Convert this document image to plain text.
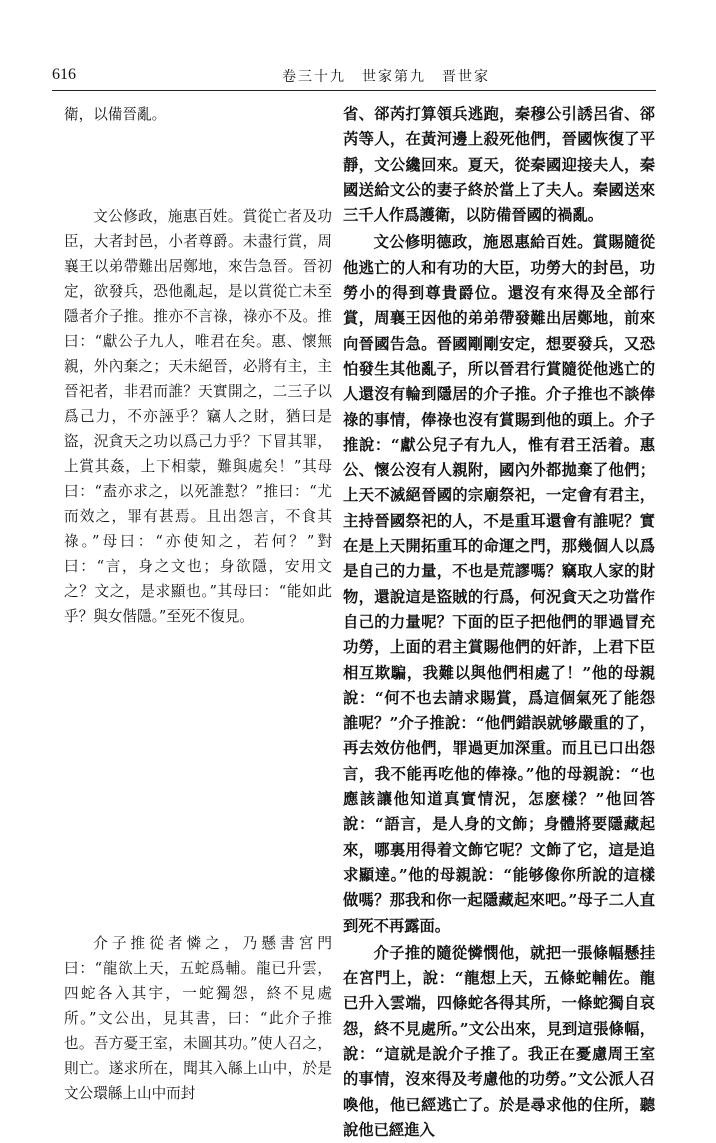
616	卷三十九　世家第九　晋世家

衛，以備晉亂。

文公修政，施惠百姓。賞從亡者及功臣，大者封邑，小者尊爵。未盡行賞，周襄王以弟帶難出居鄭地，來告急晉。晉初定，欲發兵，恐他亂起，是以賞從亡未至隱者介子推。推亦不言祿，祿亦不及。推曰：“獻公子九人，唯君在矣。惠、懷無親，外內棄之；天未絕晉，必將有主，主晉祀者，非君而誰？天實開之，二三子以爲己力，不亦誣乎？竊人之財，猶曰是盜，況貪天之功以爲己力乎？下冒其罪，上賞其姦，上下相蒙，難與處矣！”其母曰：“盍亦求之，以死誰懟？”推曰：“尤而效之，罪有甚焉。且出怨言，不食其祿。”母曰：“亦使知之，若何？”對曰：“言，身之文也；身欲隱，安用文之？文之，是求顯也。”其母曰：“能如此乎？與女偕隱。”至死不復見。

介子推從者憐之，乃懸書宮門曰：“龍欲上天，五蛇爲輔。龍已升雲，四蛇各入其宇，一蛇獨怨，終不見處所。”文公出，見其書，曰：“此介子推也。吾方憂王室，未圖其功。”使人召之，則亡。遂求所在，聞其入緜上山中，於是文公環緜上山中而封

省、郤芮打算領兵逃跑，秦穆公引誘呂省、郤芮等人，在黃河邊上殺死他們，晉國恢復了平靜，文公纔回來。夏天，從秦國迎接夫人，秦國送給文公的妻子終於當上了夫人。秦國送來三千人作爲護衛，以防備晉國的禍亂。

文公修明德政，施恩惠給百姓。賞賜隨從他逃亡的人和有功的大臣，功勞大的封邑，功勞小的得到尊貴爵位。還沒有來得及全部行賞，周襄王因他的弟弟帶發難出居鄭地，前來向晉國告急。晉國剛剛安定，想要發兵，又恐怕發生其他亂子，所以晉君行賞隨從他逃亡的人還沒有輪到隱居的介子推。介子推也不談俸祿的事情，俸祿也沒有賞賜到他的頭上。介子推說：“獻公兒子有九人，惟有君王活着。惠公、懷公沒有人親附，國內外都拋棄了他們；上天不滅絕晉國的宗廟祭祀，一定會有君主，主持晉國祭祀的人，不是重耳還會有誰呢？實在是上天開拓重耳的命運之門，那幾個人以爲是自己的力量，不也是荒謬嗎？竊取人家的財物，還說這是盜賊的行爲，何況貪天之功當作自己的力量呢？下面的臣子把他們的罪過冒充功勞，上面的君主賞賜他們的奸詐，上君下臣相互欺騙，我難以與他們相處了！”他的母親說：“何不也去請求賜賞，爲這個氣死了能怨誰呢？”介子推說：“他們錯誤就够嚴重的了，再去效仿他們，罪過更加深重。而且已口出怨言，我不能再吃他的俸祿。”他的母親說：“也應該讓他知道真實情況，怎麽樣？”他回答說：“語言，是人身的文飾；身體將要隱藏起來，哪裏用得着文飾它呢？文飾了它，這是追求顯達。”他的母親說：“能够像你所說的這樣做嗎？那我和你一起隱藏起來吧。”母子二人直到死不再露面。

介子推的隨從憐憫他，就把一張條幅懸挂在宮門上，說：“龍想上天，五條蛇輔佐。龍已升入雲端，四條蛇各得其所，一條蛇獨自哀怨，終不見處所。”文公出來，見到這張條幅，說：“這就是說介子推了。我正在憂慮周王室的事情，沒來得及考慮他的功勞。”文公派人召喚他，他已經逃亡了。於是尋求他的住所，聽說他已經進入
